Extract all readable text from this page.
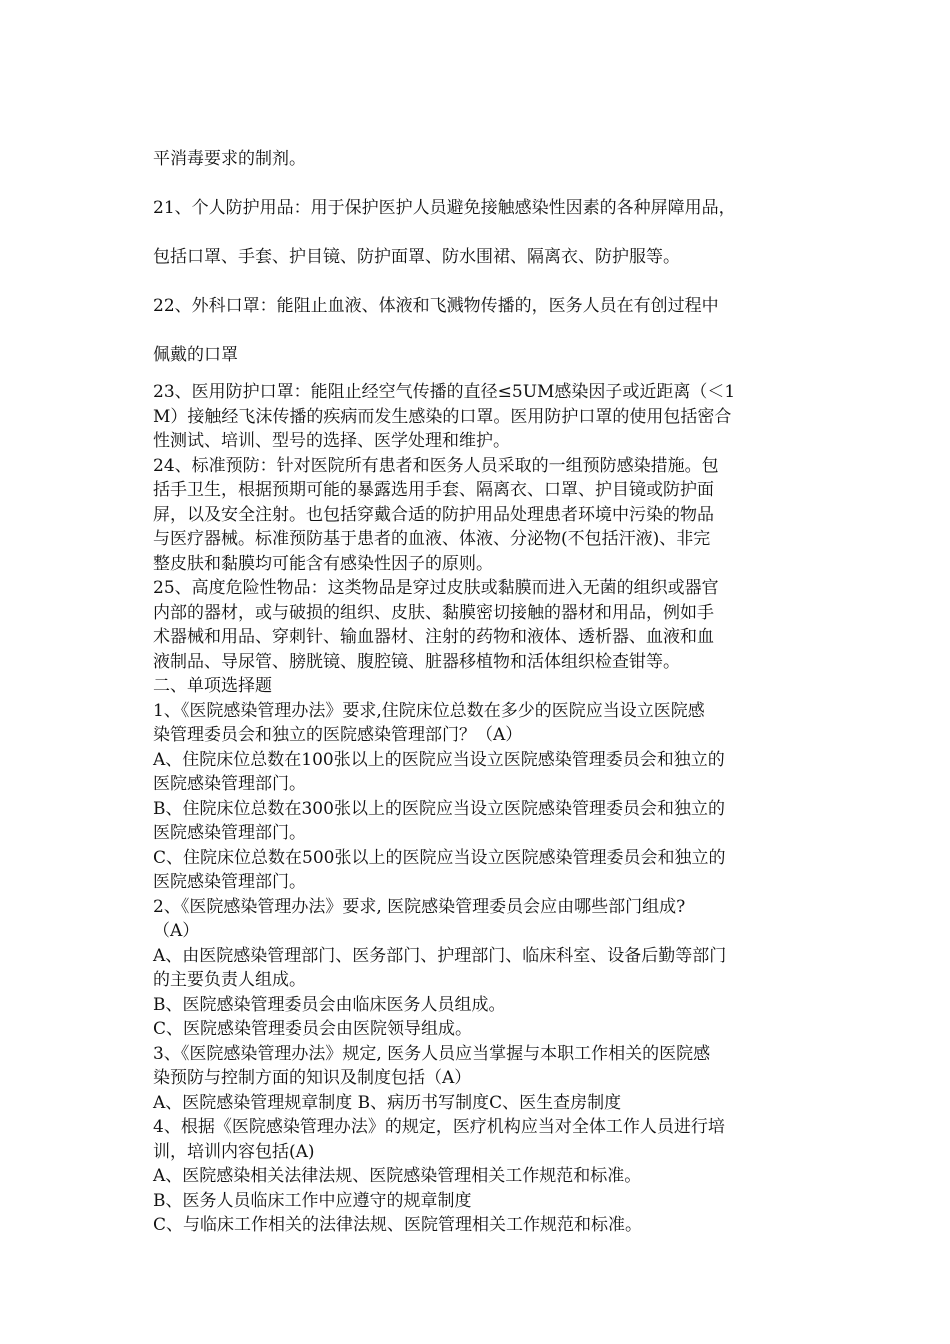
平消毒要求的制剂。
21、个人防护用品：用于保护医护人员避免接触感染性因素的各种屏障用品，
包括口罩、手套、护目镜、防护面罩、防水围裙、隔离衣、防护服等。
22、外科口罩：能阻止血液、体液和飞溅物传播的，医务人员在有创过程中
佩戴的口罩
23、医用防护口罩：能阻止经空气传播的直径≤5UM感染因子或近距离（＜1
M）接触经飞沫传播的疾病而发生感染的口罩。医用防护口罩的使用包括密合
性测试、培训、型号的选择、医学处理和维护。
24、标准预防：针对医院所有患者和医务人员采取的一组预防感染措施。包
括手卫生，根据预期可能的暴露选用手套、隔离衣、口罩、护目镜或防护面
屏，以及安全注射。也包括穿戴合适的防护用品处理患者环境中污染的物品
与医疗器械。标准预防基于患者的血液、体液、分泌物(不包括汗液)、非完
整皮肤和黏膜均可能含有感染性因子的原则。
25、高度危险性物品：这类物品是穿过皮肤或黏膜而进入无菌的组织或器官
内部的器材，或与破损的组织、皮肤、黏膜密切接触的器材和用品，例如手
术器械和用品、穿刺针、输血器材、注射的药物和液体、透析器、血液和血
液制品、导尿管、膀胱镜、腹腔镜、脏器移植物和活体组织检查钳等。
二、单项选择题
1、《医院感染管理办法》要求,住院床位总数在多少的医院应当设立医院感
染管理委员会和独立的医院感染管理部门？（A）
A、住院床位总数在100张以上的医院应当设立医院感染管理委员会和独立的
医院感染管理部门。
B、住院床位总数在300张以上的医院应当设立医院感染管理委员会和独立的
医院感染管理部门。
C、住院床位总数在500张以上的医院应当设立医院感染管理委员会和独立的
医院感染管理部门。
2、《医院感染管理办法》要求, 医院感染管理委员会应由哪些部门组成?
（A）
A、由医院感染管理部门、医务部门、护理部门、临床科室、设备后勤等部门
的主要负责人组成。
B、医院感染管理委员会由临床医务人员组成。
C、医院感染管理委员会由医院领导组成。
3、《医院感染管理办法》规定, 医务人员应当掌握与本职工作相关的医院感
染预防与控制方面的知识及制度包括（A）
A、医院感染管理规章制度 B、病历书写制度C、医生查房制度
4、根据《医院感染管理办法》的规定，医疗机构应当对全体工作人员进行培
训，培训内容包括(A)
A、医院感染相关法律法规、医院感染管理相关工作规范和标准。
B、医务人员临床工作中应遵守的规章制度
C、与临床工作相关的法律法规、医院管理相关工作规范和标准。
